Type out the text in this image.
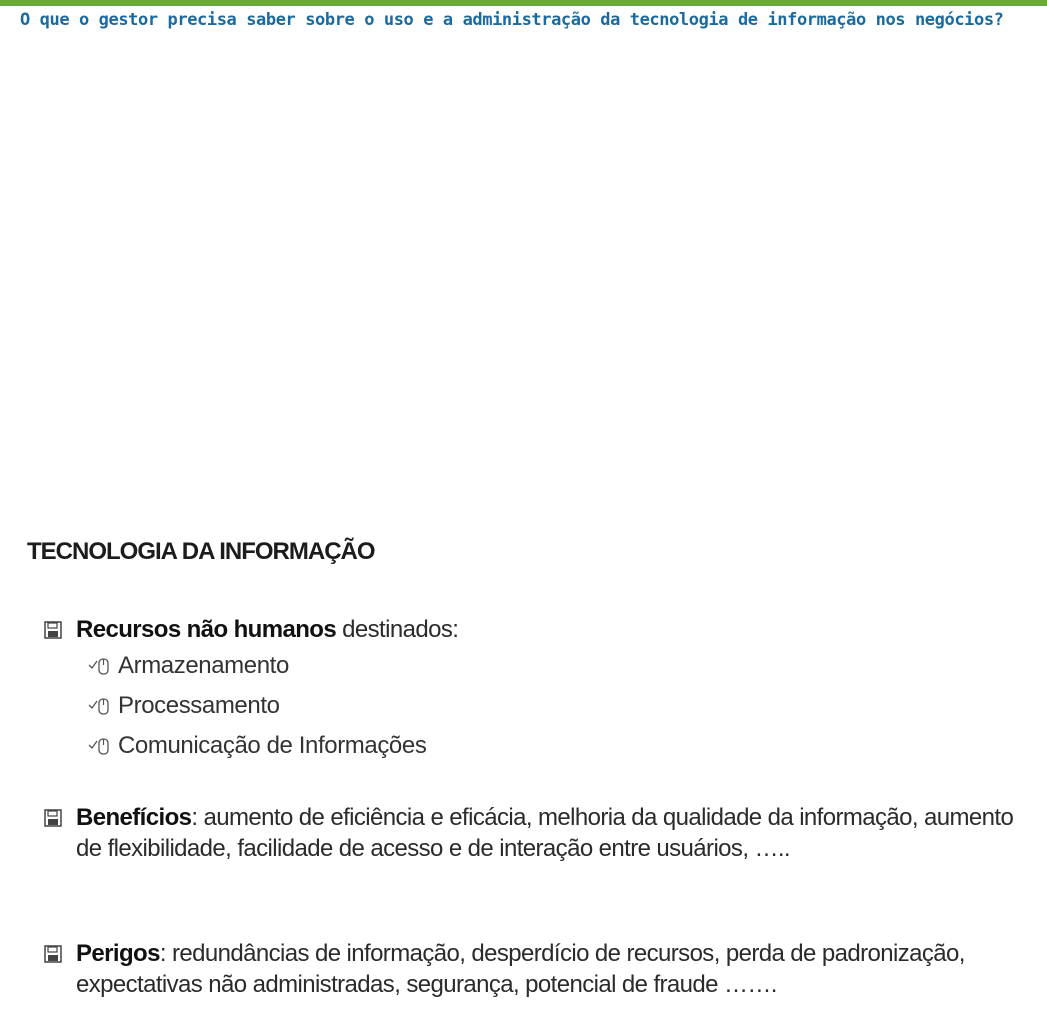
O que o gestor precisa saber sobre o uso e a administração da tecnologia de informação nos negócios?

TECNOLOGIA DA INFORMAÇÃO
Recursos não humanos destinados:
Armazenamento
Processamento
Comunicação de Informações
Benefícios: aumento de eficiência e eficácia, melhoria da qualidade da informação, aumento de flexibilidade, facilidade de acesso e de interação entre usuários, …..
Perigos: redundâncias de informação, desperdício de recursos, perda de padronização, expectativas não administradas, segurança, potencial de fraude …….
